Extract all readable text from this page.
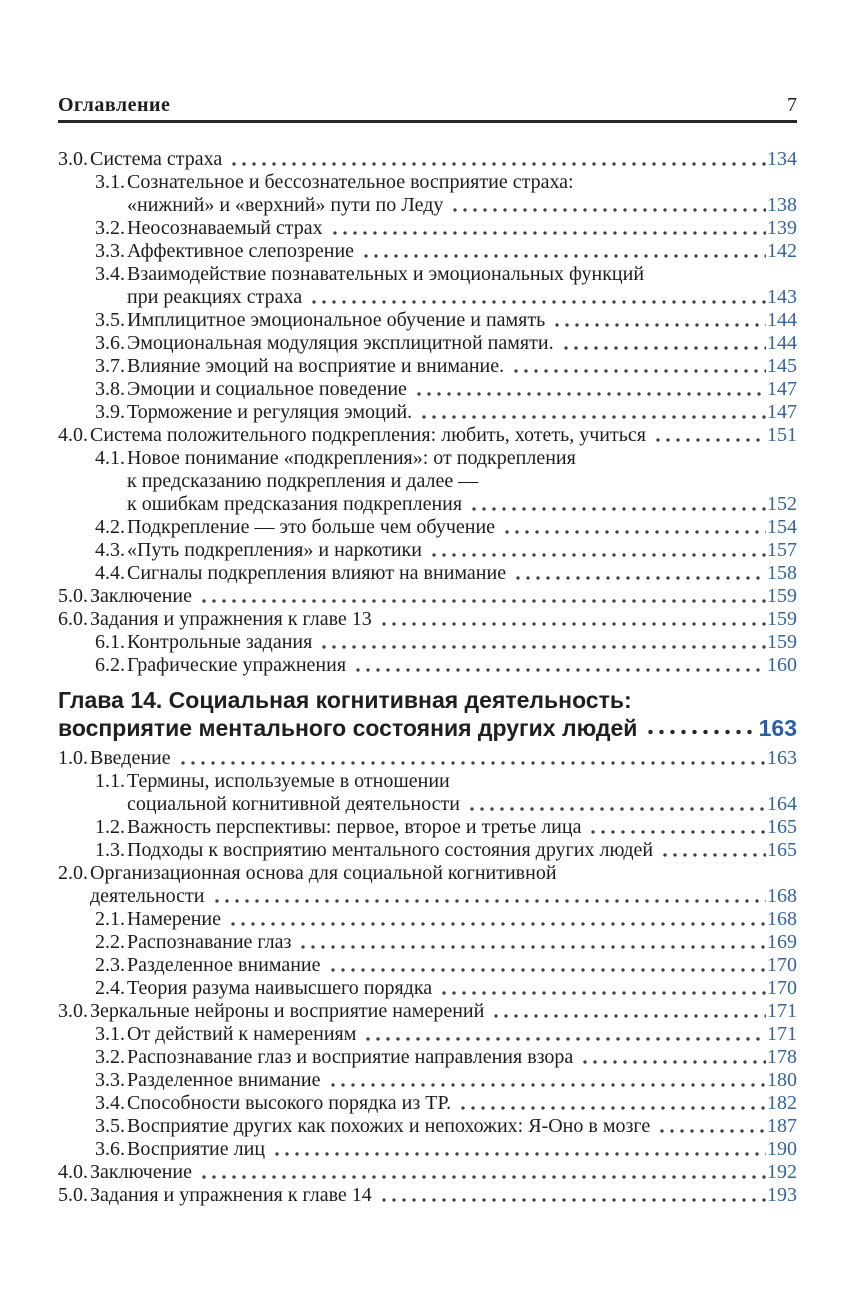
Оглавление	7
3.0. Система страха	134
3.1. Сознательное и бессознательное восприятие страха:
«нижний» и «верхний» пути по Леду	138
3.2. Неосознаваемый страх	139
3.3. Аффективное слепозрение	142
3.4. Взаимодействие познавательных и эмоциональных функций
при реакциях страха	143
3.5. Имплицитное эмоциональное обучение и память	144
3.6. Эмоциональная модуляция эксплицитной памяти.	144
3.7. Влияние эмоций на восприятие и внимание.	145
3.8. Эмоции и социальное поведение	147
3.9. Торможение и регуляция эмоций.	147
4.0. Система положительного подкрепления: любить, хотеть, учиться	151
4.1. Новое понимание «подкрепления»: от подкрепления
к предсказанию подкрепления и далее —
к ошибкам предсказания подкрепления	152
4.2. Подкрепление — это больше чем обучение	154
4.3. «Путь подкрепления» и наркотики	157
4.4. Сигналы подкрепления влияют на внимание	158
5.0. Заключение	159
6.0. Задания и упражнения к главе 13	159
6.1. Контрольные задания	159
6.2. Графические упражнения	160
Глава 14. Социальная когнитивная деятельность:
восприятие ментального состояния других людей	163
1.0. Введение	163
1.1. Термины, используемые в отношении
социальной когнитивной деятельности	164
1.2. Важность перспективы: первое, второе и третье лица	165
1.3. Подходы к восприятию ментального состояния других людей	165
2.0. Организационная основа для социальной когнитивной
деятельности	168
2.1. Намерение	168
2.2. Распознавание глаз	169
2.3. Разделенное внимание	170
2.4. Теория разума наивысшего порядка	170
3.0. Зеркальные нейроны и восприятие намерений	171
3.1. От действий к намерениям	171
3.2. Распознавание глаз и восприятие направления взора	178
3.3. Разделенное внимание	180
3.4. Способности высокого порядка из ТР.	182
3.5. Восприятие других как похожих и непохожих: Я-Оно в мозге	187
3.6. Восприятие лиц	190
4.0. Заключение	192
5.0. Задания и упражнения к главе 14	193
